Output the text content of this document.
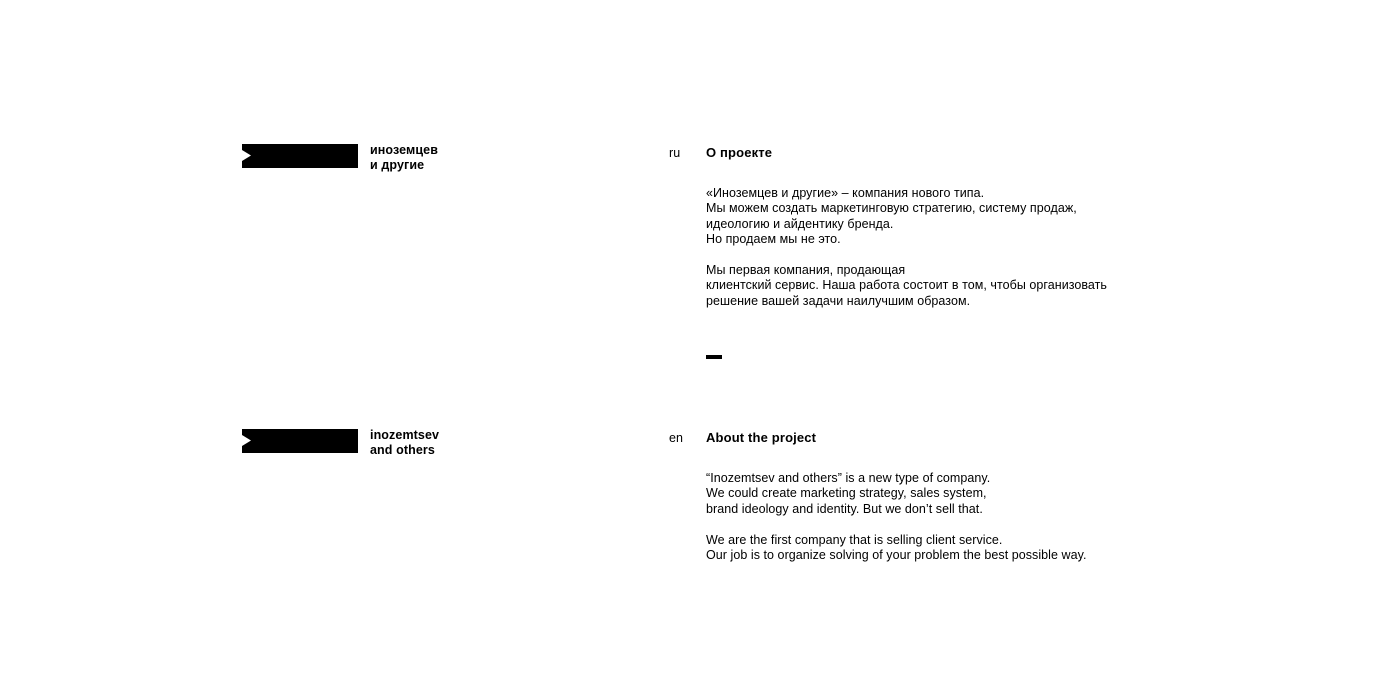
иноземцев
и другие
ru О проекте

«Иноземцев и другие» – компания нового типа.
Мы можем создать маркетинговую стратегию, систему продаж,
идеологию и айдентику бренда.
Но продаем мы не это.

Мы первая компания, продающая
клиентский сервис. Наша работа состоит в том, чтобы организовать
решение вашей задачи наилучшим образом.

inozemtsev
and others
en About the project

“Inozemtsev and others” is a new type of company.
We could create marketing strategy, sales system,
brand ideology and identity. But we don’t sell that.

We are the first company that is selling client service.
Our job is to organize solving of your problem the best possible way.
